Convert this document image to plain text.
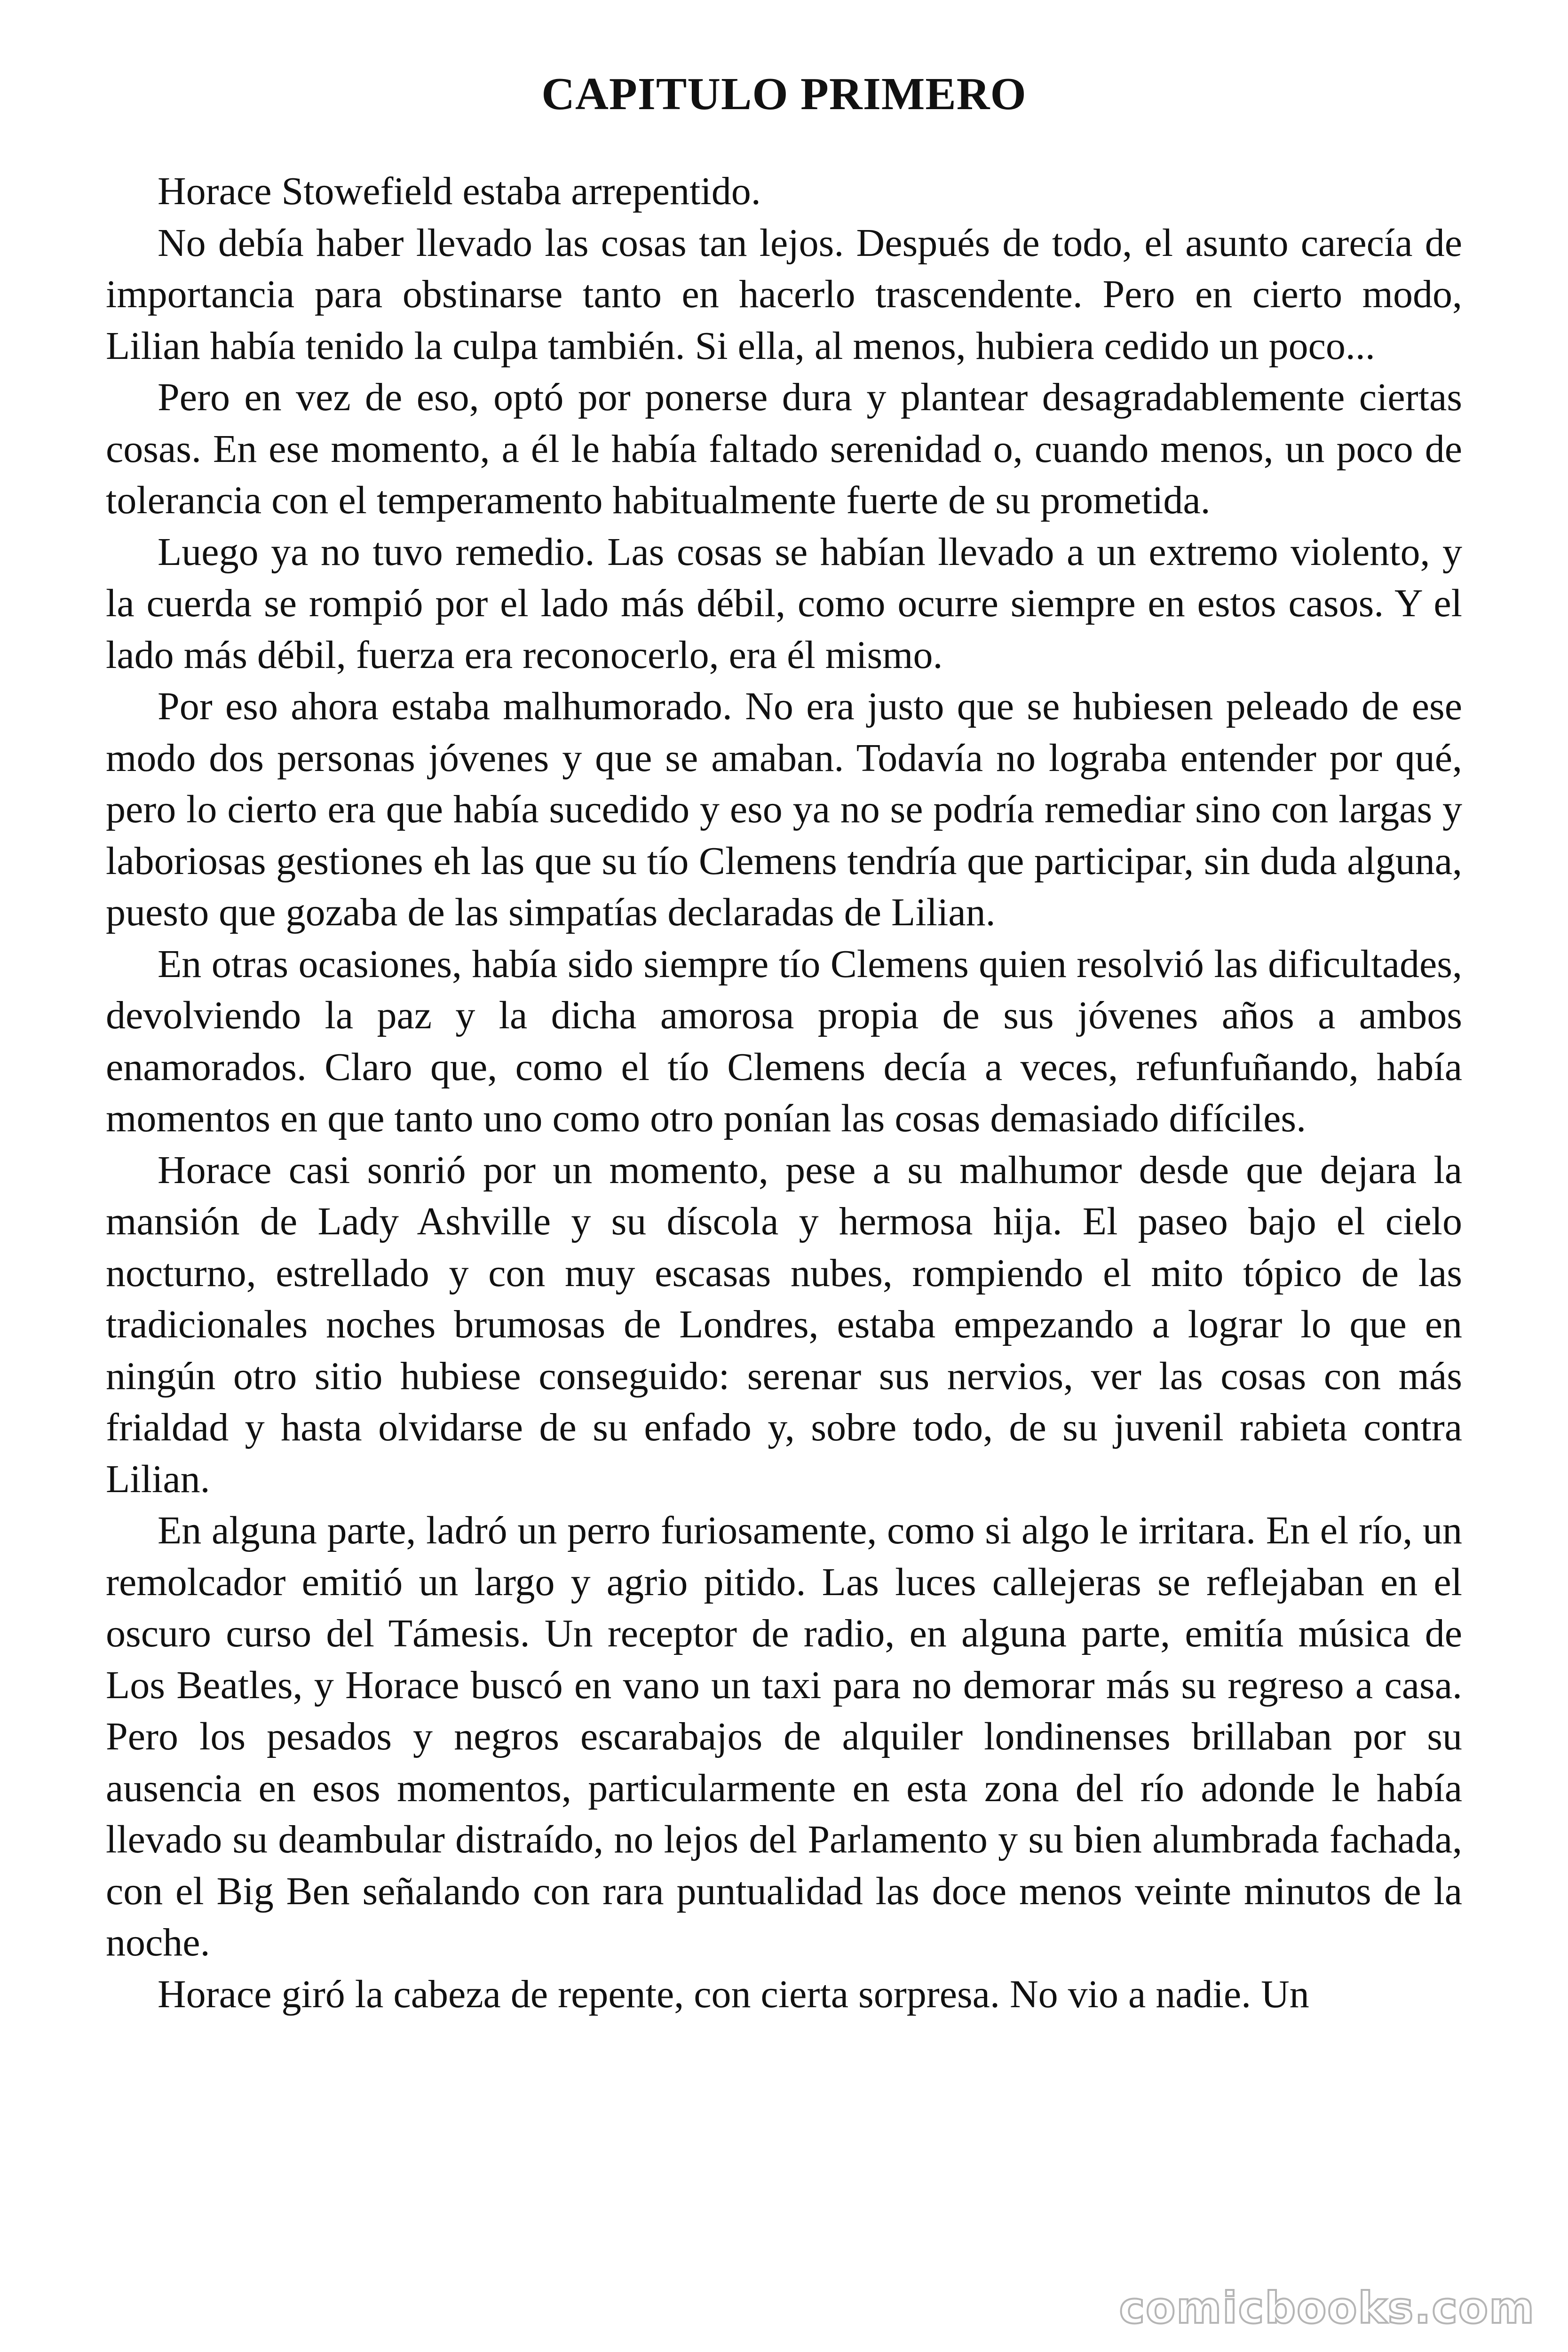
CAPITULO PRIMERO

Horace Stowefield estaba arrepentido.

No debía haber llevado las cosas tan lejos. Después de todo, el asunto carecía de importancia para obstinarse tanto en hacerlo trascendente. Pero en cierto modo, Lilian había tenido la culpa también. Si ella, al menos, hubiera cedido un poco...

Pero en vez de eso, optó por ponerse dura y plantear desagradablemente ciertas cosas. En ese momento, a él le había faltado serenidad o, cuando menos, un poco de tolerancia con el temperamento habitualmente fuerte de su prometida.

Luego ya no tuvo remedio. Las cosas se habían llevado a un extremo violento, y la cuerda se rompió por el lado más débil, como ocurre siempre en estos casos. Y el lado más débil, fuerza era reconocerlo, era él mismo.

Por eso ahora estaba malhumorado. No era justo que se hubiesen peleado de ese modo dos personas jóvenes y que se amaban. Todavía no lograba entender por qué, pero lo cierto era que había sucedido y eso ya no se podría remediar sino con largas y laboriosas gestiones eh las que su tío Clemens tendría que participar, sin duda alguna, puesto que gozaba de las simpatías declaradas de Lilian.

En otras ocasiones, había sido siempre tío Clemens quien resolvió las dificultades, devolviendo la paz y la dicha amorosa propia de sus jóvenes años a ambos enamorados. Claro que, como el tío Clemens decía a veces, refunfuñando, había momentos en que tanto uno como otro ponían las cosas demasiado difíciles.

Horace casi sonrió por un momento, pese a su malhumor desde que dejara la mansión de Lady Ashville y su díscola y hermosa hija. El paseo bajo el cielo nocturno, estrellado y con muy escasas nubes, rompiendo el mito tópico de las tradicionales noches brumosas de Londres, estaba empezando a lograr lo que en ningún otro sitio hubiese conseguido: serenar sus nervios, ver las cosas con más frialdad y hasta olvidarse de su enfado y, sobre todo, de su juvenil rabieta contra Lilian.

En alguna parte, ladró un perro furiosamente, como si algo le irritara. En el río, un remolcador emitió un largo y agrio pitido. Las luces callejeras se reflejaban en el oscuro curso del Támesis. Un receptor de radio, en alguna parte, emitía música de Los Beatles, y Horace buscó en vano un taxi para no demorar más su regreso a casa. Pero los pesados y negros escarabajos de alquiler londinenses brillaban por su ausencia en esos momentos, particularmente en esta zona del río adonde le había llevado su deambular distraído, no lejos del Parlamento y su bien alumbrada fachada, con el Big Ben señalando con rara puntualidad las doce menos veinte minutos de la noche.

Horace giró la cabeza de repente, con cierta sorpresa. No vio a nadie. Un

comicbooks.com
